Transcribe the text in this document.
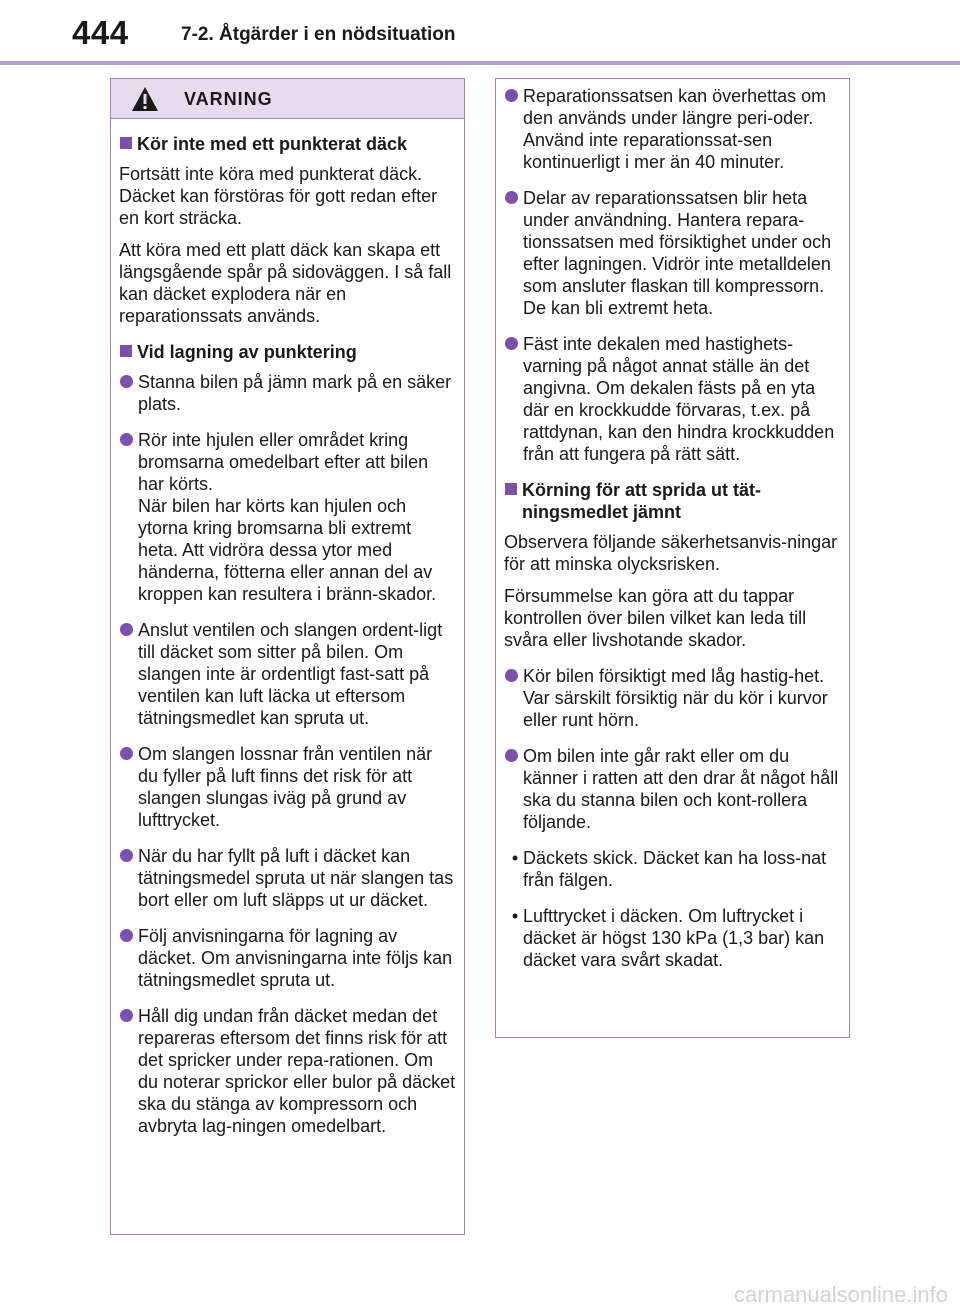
444	7-2. Åtgärder i en nödsituation
VARNING
Kör inte med ett punkterat däck

Fortsätt inte köra med punkterat däck. Däcket kan förstöras för gott redan efter en kort sträcka.

Att köra med ett platt däck kan skapa ett längsgående spår på sidoväggen. I så fall kan däcket explodera när en reparationssats används.

Vid lagning av punktering
Stanna bilen på jämn mark på en säker plats.
Rör inte hjulen eller området kring bromsarna omedelbart efter att bilen har körts.
När bilen har körts kan hjulen och ytorna kring bromsarna bli extremt heta. Att vidröra dessa ytor med händerna, fötterna eller annan del av kroppen kan resultera i bränn-skador.
Anslut ventilen och slangen ordent-ligt till däcket som sitter på bilen. Om slangen inte är ordentligt fast-satt på ventilen kan luft läcka ut eftersom tätningsmedlet kan spruta ut.
Om slangen lossnar från ventilen när du fyller på luft finns det risk för att slangen slungas iväg på grund av lufttrycket.
När du har fyllt på luft i däcket kan tätningsmedel spruta ut när slangen tas bort eller om luft släpps ut ur däcket.
Följ anvisningarna för lagning av däcket. Om anvisningarna inte följs kan tätningsmedlet spruta ut.
Håll dig undan från däcket medan det repareras eftersom det finns risk för att det spricker under repa-rationen. Om du noterar sprickor eller bulor på däcket ska du stänga av kompressorn och avbryta lag-ningen omedelbart.
Reparationssatsen kan överhettas om den används under längre peri-oder. Använd inte reparationssat-sen kontinuerligt i mer än 40 minuter.
Delar av reparationssatsen blir heta under användning. Hantera repara-tionssatsen med försiktighet under och efter lagningen. Vidrör inte metalldelen som ansluter flaskan till kompressorn. De kan bli extremt heta.
Fäst inte dekalen med hastighets-varning på något annat ställe än det angivna. Om dekalen fästs på en yta där en krockkudde förvaras, t.ex. på rattdynan, kan den hindra krockkudden från att fungera på rätt sätt.
Körning för att sprida ut tät-ningsmedlet jämnt

Observera följande säkerhetsanvis-ningar för att minska olycksrisken.

Försummelse kan göra att du tappar kontrollen över bilen vilket kan leda till svåra eller livshotande skador.

Kör bilen försiktigt med låg hastig-het. Var särskilt försiktig när du kör i kurvor eller runt hörn.
Om bilen inte går rakt eller om du känner i ratten att den drar åt något håll ska du stanna bilen och kont-rollera följande.
• Däckets skick. Däcket kan ha loss-nat från fälgen.
• Lufttrycket i däcken. Om luftrycket i däcket är högst 130 kPa (1,3 bar) kan däcket vara svårt skadat.
carmanualsonline.info
